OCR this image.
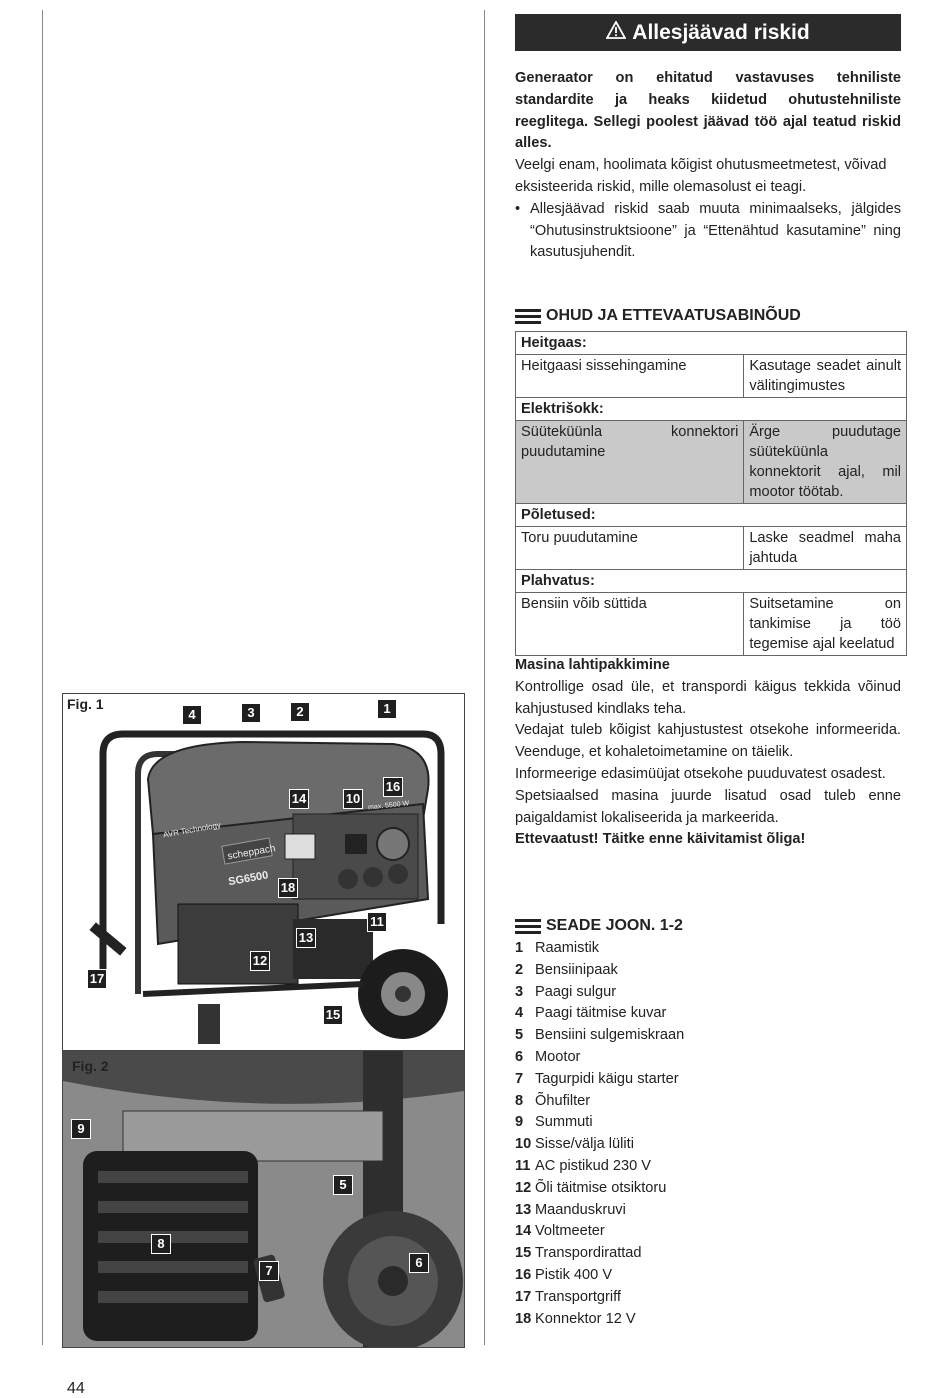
Allesjäävad riskid
Generaator on ehitatud vastavuses tehniliste standardite ja heaks kiidetud ohutustehniliste reeglitega. Sellegi poolest jäävad töö ajal teatud riskid alles.
Veelgi enam, hoolimata kõigist ohutusmeetmetest, võivad eksisteerida riskid, mille olemasolust ei teagi.
• Allesjäävad riskid saab muuta minimaalseks, jälgides “Ohutusinstruktsioone” ja “Ettenähtud kasutamine” ning kasutusjuhendit.
OHUD JA ETTEVAATUSABINÕUD
Heitgaas:	
Heitgaasi sissehingamine	Kasutage seadet ainult välitingimustes
Elektrišokk:	
Süüteküünla konnektori puudutamine	Ärge puudutage süüteküünla konnektorit ajal, mil mootor töötab.
Põletused:	
Toru puudutamine	Laske seadmel maha jahtuda
Plahvatus:	
Bensiin võib süttida	Suitsetamine on tankimise ja töö tegemise ajal keelatud
Masina lahtipakkimine
Kontrollige osad üle, et transpordi käigus tekkida võinud kahjustused kindlaks teha.
Vedajat tuleb kõigist kahjustustest otsekohe informeerida. Veenduge, et kohaletoimetamine on täielik.
Informeerige edasimüüjat otsekohe puuduvatest osadest.
Spetsiaalsed masina juurde lisatud osad tuleb enne paigaldamist lokaliseerida ja markeerida.
Ettevaatust! Täitke enne käivitamist õliga!
SEADE JOON. 1-2
1 Raamistik
2 Bensiinipaak
3 Paagi sulgur
4 Paagi täitmise kuvar
5 Bensiini sulgemiskraan
6 Mootor
7 Tagurpidi käigu starter
8 Õhufilter
9 Summuti
10 Sisse/välja lüliti
11 AC pistikud 230 V
12 Õli täitmise otsiktoru
13 Maanduskruvi
14 Voltmeeter
15 Transpordirattad
16 Pistik 400 V
17 Transportgriff
18 Konnektor 12 V
scheppach
SG6500
AVR Technology
max. 5500 W
Fig. 1
4	3	2	1
14	10
16
18
13
11
12
17
15
Fig. 2
9
5
8
7
6
44
